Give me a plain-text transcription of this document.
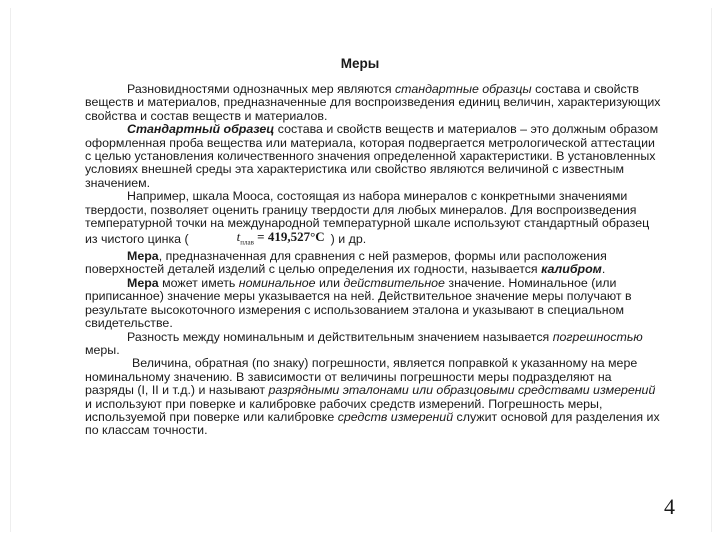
Меры

Разновидностями однозначных мер являются стандартные образцы состава и свойств веществ и материалов, предназначенные для воспроизведения единиц величин, характеризующих свойства и состав веществ и материалов.

Стандартный образец состава и свойств веществ и материалов – это должным образом оформленная проба вещества или материала, которая подвергается метрологической аттестации с целью установления количественного значения определенной характеристики. В установленных условиях внешней среды эта характеристика или свойство являются величиной с известным значением.

Например, шкала Мооса, состоящая из набора минералов с конкретными значениями твердости, позволяет оценить границу твердости для любых минералов. Для воспроизведения температурной точки на международной температурной шкале используют стандартный образец из чистого цинка (	$t_{плав} = 419,527^\circ C$ ) и др.

Мера, предназначенная для сравнения с ней размеров, формы или расположения поверхностей деталей изделий с целью определения их годности, называется калибром.

Мера может иметь номинальное или действительное значение. Номинальное (или приписанное) значение меры указывается на ней. Действительное значение меры получают в результате высокоточного измерения с использованием эталона и указывают в специальном свидетельстве.

Разность между номинальным и действительным значением называется погрешностью меры.

Величина, обратная (по знаку) погрешности, является поправкой к указанному на мере номинальному значению. В зависимости от величины погрешности меры подразделяют на разряды (I, II и т.д.) и называют разрядными эталонами или образцовыми средствами измерений и используют при поверке и калибровке рабочих средств измерений. Погрешность меры, используемой при поверке или калибровке средств измерений служит основой для разделения их по классам точности.

4
